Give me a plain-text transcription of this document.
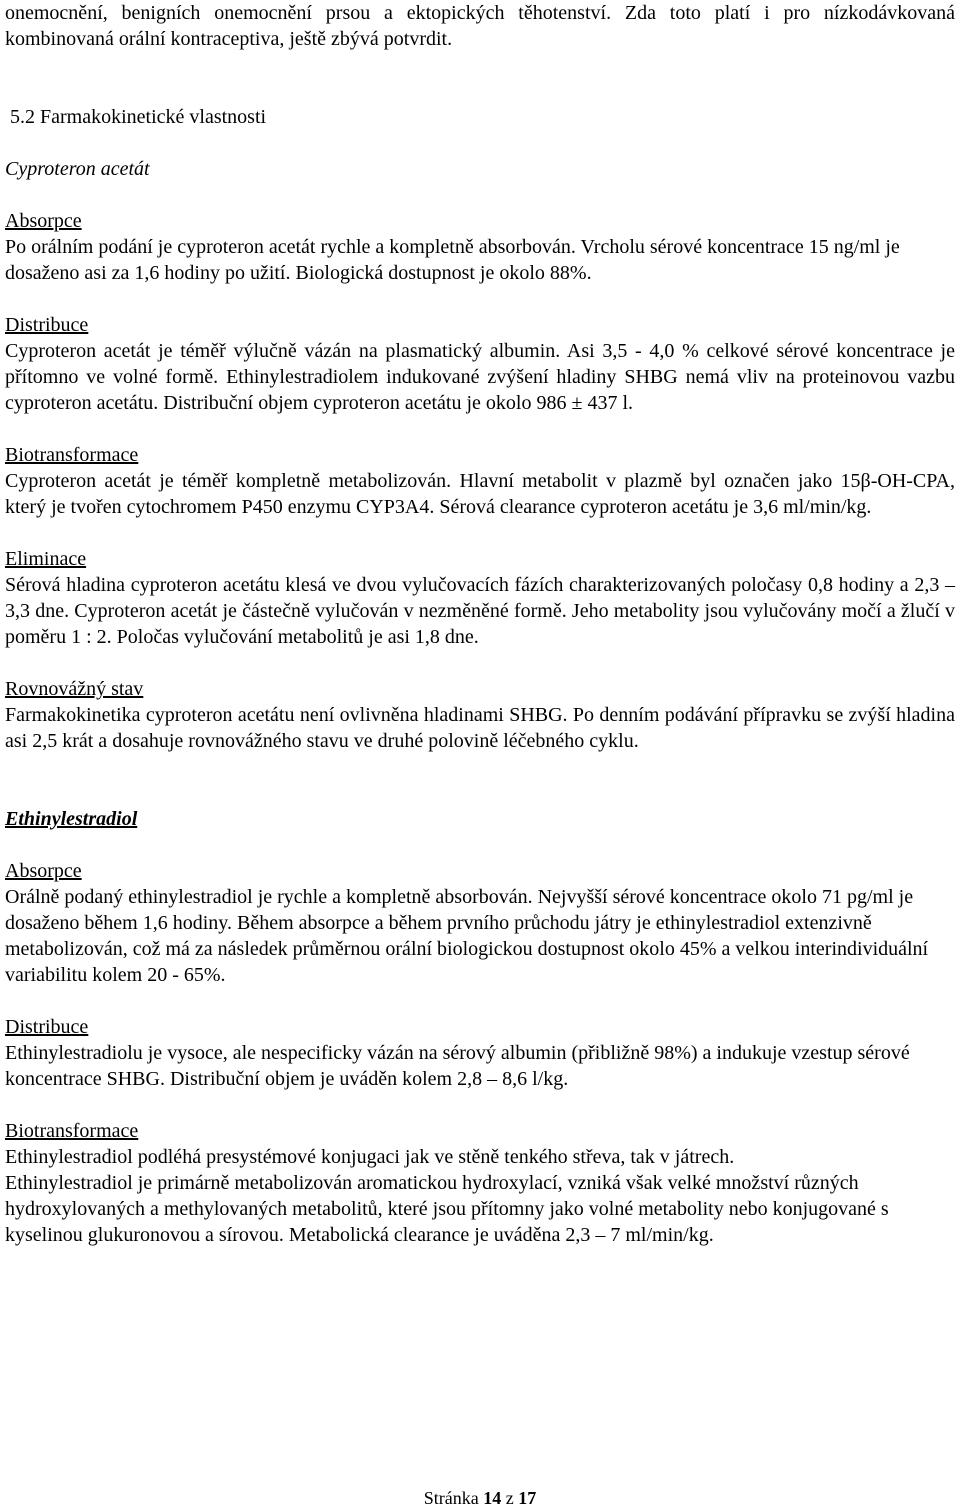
onemocnění, benigních onemocnění prsou a ektopických těhotenství. Zda toto platí i pro nízkodávkovaná kombinovaná orální kontraceptiva, ještě zbývá potvrdit.

5.2 Farmakokinetické vlastnosti
Cyproteron acetát
Absorpce

Po orálním podání je cyproteron acetát rychle a kompletně absorbován. Vrcholu sérové koncentrace 15 ng/ml je dosaženo asi za 1,6 hodiny po užití. Biologická dostupnost je okolo 88%.

Distribuce

Cyproteron acetát je téměř výlučně vázán na plasmatický albumin. Asi 3,5 - 4,0 % celkové sérové koncentrace je přítomno ve volné formě. Ethinylestradiolem indukované zvýšení hladiny SHBG nemá vliv na proteinovou vazbu cyproteron acetátu. Distribuční objem cyproteron acetátu je okolo 986 ± 437 l.

Biotransformace

Cyproteron acetát je téměř kompletně metabolizován. Hlavní metabolit v plazmě byl označen jako 15β-OH-CPA, který je tvořen cytochromem P450 enzymu CYP3A4. Sérová clearance cyproteron acetátu je 3,6 ml/min/kg.

Eliminace

Sérová hladina cyproteron acetátu klesá ve dvou vylučovacích fázích charakterizovaných poločasy 0,8 hodiny a 2,3 – 3,3 dne. Cyproteron acetát je částečně vylučován v nezměněné formě. Jeho metabolity jsou vylučovány močí a žlučí v poměru 1 : 2. Poločas vylučování metabolitů je asi 1,8 dne.

Rovnovážný stav

Farmakokinetika cyproteron acetátu není ovlivněna hladinami SHBG. Po denním podávání přípravku se zvýší hladina asi 2,5 krát a dosahuje rovnovážného stavu ve druhé polovině léčebného cyklu.

Ethinylestradiol
Absorpce

Orálně podaný ethinylestradiol je rychle a kompletně absorbován. Nejvyšší sérové koncentrace okolo 71 pg/ml je dosaženo během 1,6 hodiny. Během absorpce a během prvního průchodu játry je ethinylestradiol extenzivně metabolizován, což má za následek průměrnou orální biologickou dostupnost okolo 45% a velkou interindividuální variabilitu kolem 20 - 65%.

Distribuce

Ethinylestradiolu je vysoce, ale nespecificky vázán na sérový albumin (přibližně 98%) a indukuje vzestup sérové koncentrace SHBG. Distribuční objem je uváděn kolem 2,8 – 8,6 l/kg.

Biotransformace

Ethinylestradiol podléhá presystémové konjugaci jak ve stěně tenkého střeva, tak v játrech.

Ethinylestradiol je primárně metabolizován aromatickou hydroxylací, vzniká však velké množství různých hydroxylovaných a methylovaných metabolitů, které jsou přítomny jako volné metabolity nebo konjugované s kyselinou glukuronovou a sírovou. Metabolická clearance je uváděna 2,3 – 7 ml/min/kg.

Stránka 14 z 17
